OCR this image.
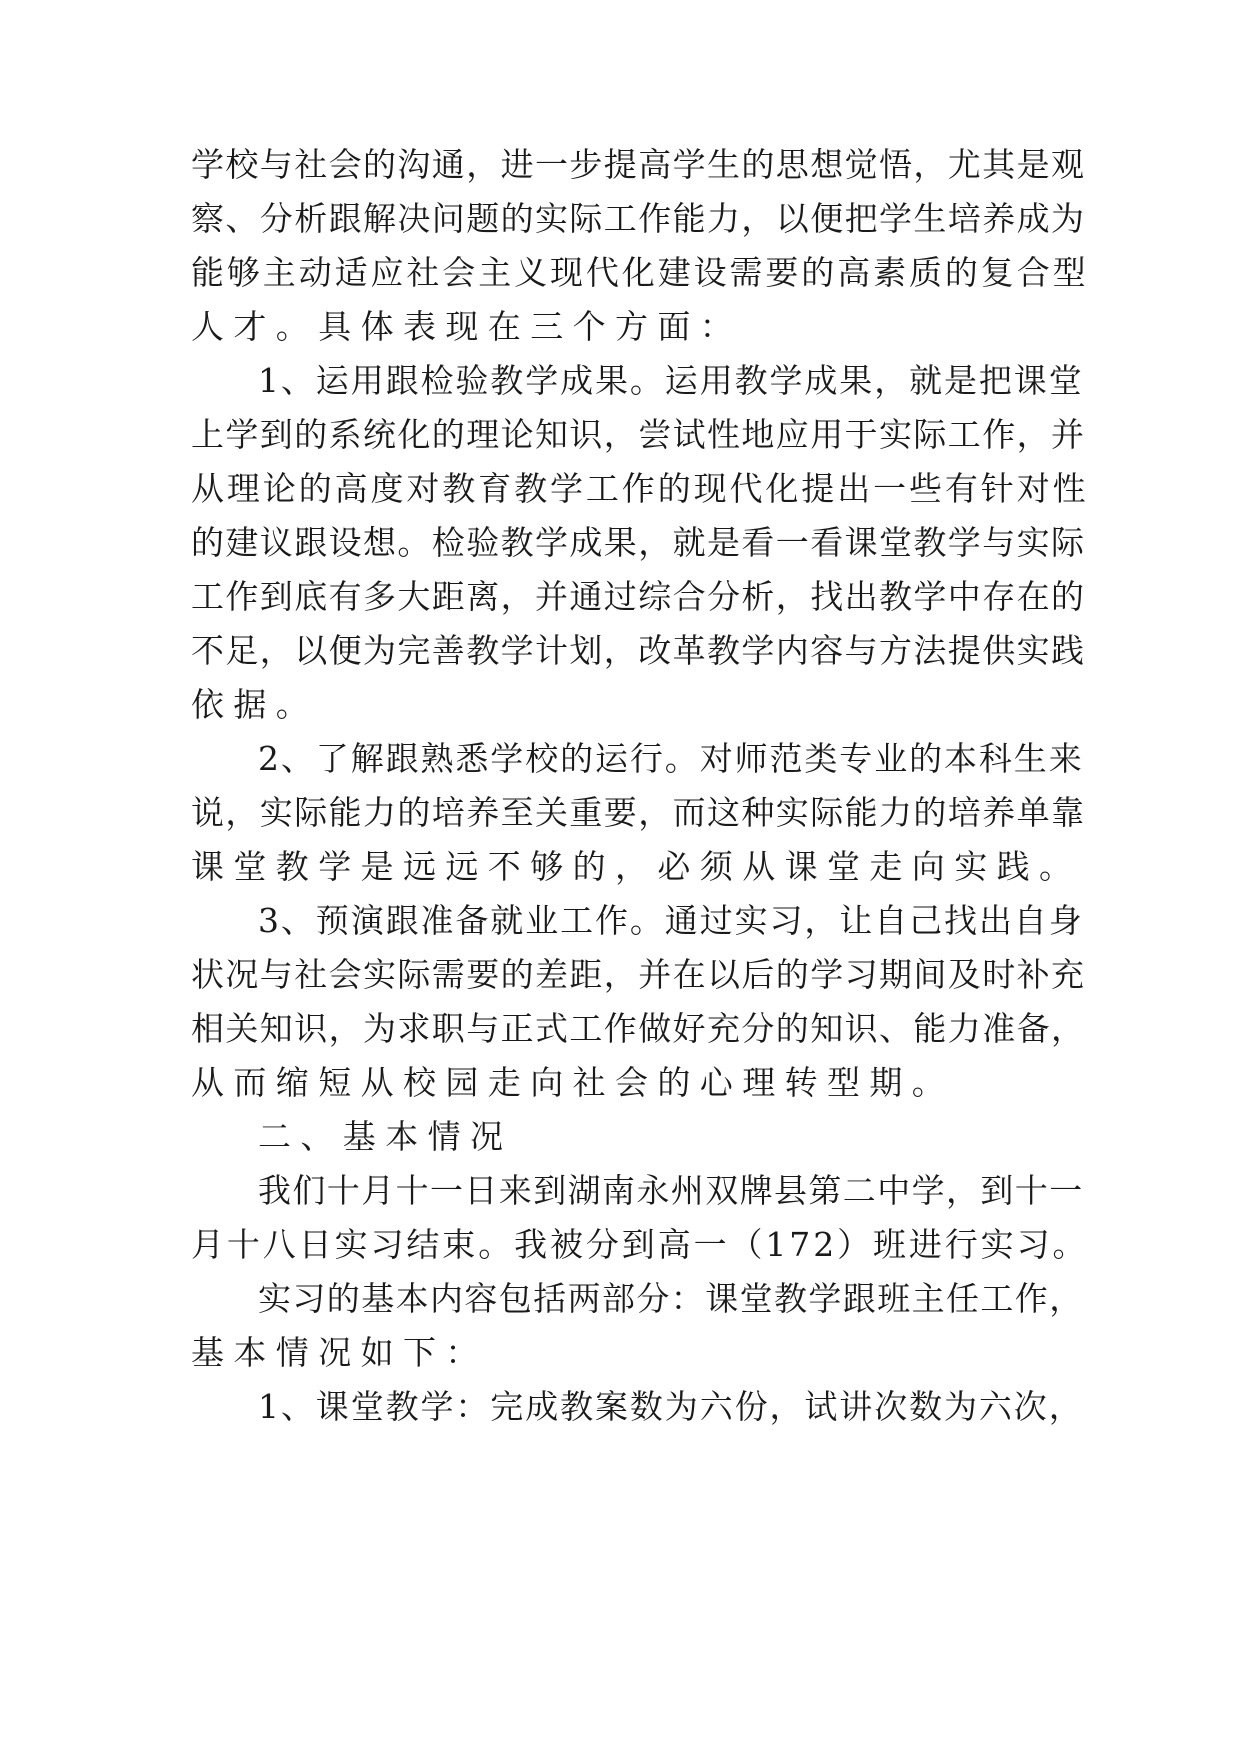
学校与社会的沟通，进一步提高学生的思想觉悟，尤其是观

察、分析跟解决问题的实际工作能力，以便把学生培养成为

能够主动适应社会主义现代化建设需要的高素质的复合型

人才。具体表现在三个方面：

1、运用跟检验教学成果。运用教学成果，就是把课堂

上学到的系统化的理论知识，尝试性地应用于实际工作，并

从理论的高度对教育教学工作的现代化提出一些有针对性

的建议跟设想。检验教学成果，就是看一看课堂教学与实际

工作到底有多大距离，并通过综合分析，找出教学中存在的

不足，以便为完善教学计划，改革教学内容与方法提供实践

依据。

2、了解跟熟悉学校的运行。对师范类专业的本科生来

说，实际能力的培养至关重要，而这种实际能力的培养单靠

课堂教学是远远不够的，必须从课堂走向实践。

3、预演跟准备就业工作。通过实习，让自己找出自身

状况与社会实际需要的差距，并在以后的学习期间及时补充

相关知识，为求职与正式工作做好充分的知识、能力准备，

从而缩短从校园走向社会的心理转型期。

二、基本情况

我们十月十一日来到湖南永州双牌县第二中学，到十一

月十八日实习结束。我被分到高一（172）班进行实习。

实习的基本内容包括两部分：课堂教学跟班主任工作，

基本情况如下：

1、课堂教学：完成教案数为六份，试讲次数为六次，
